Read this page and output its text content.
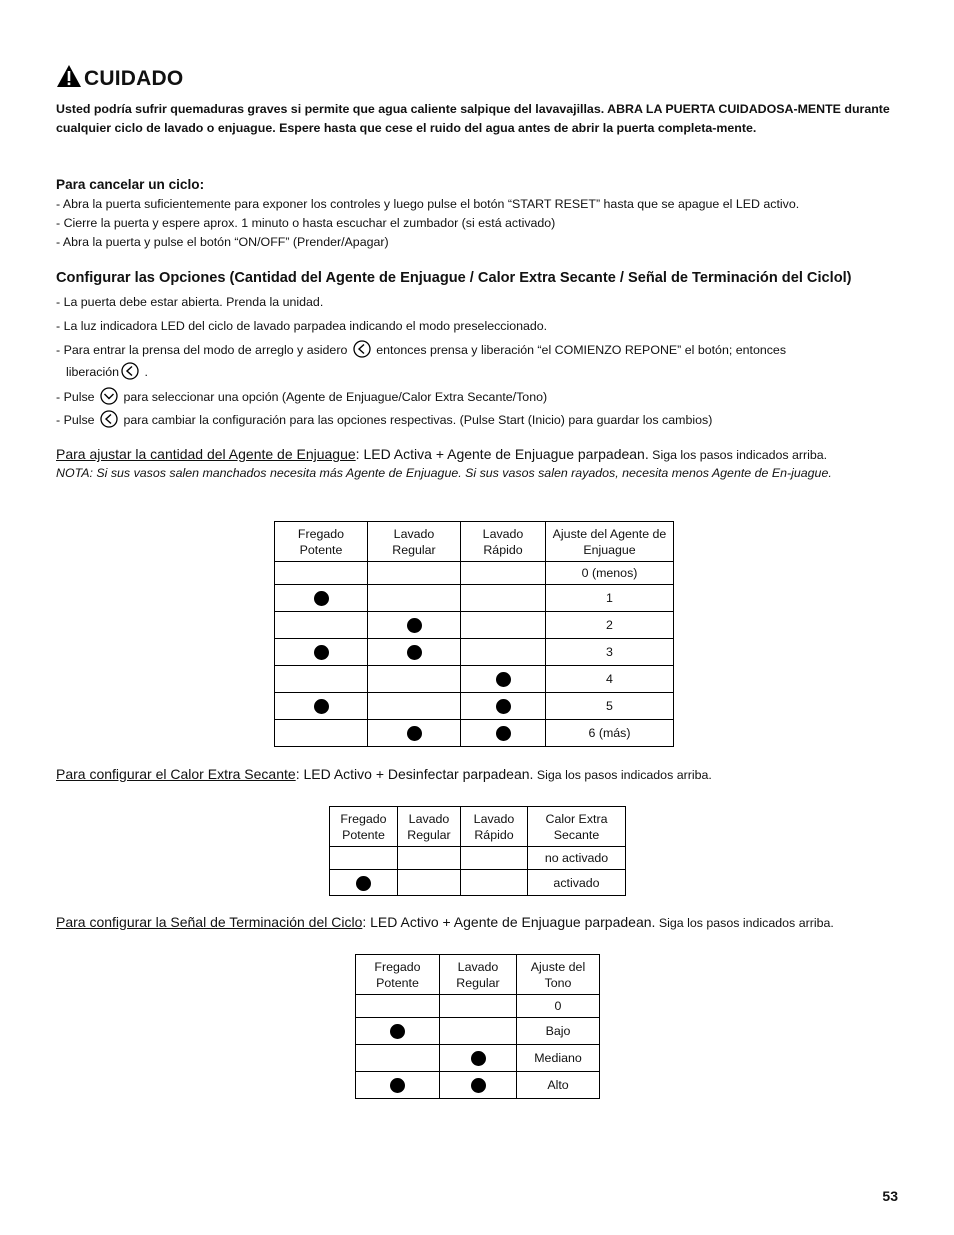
CUIDADO
Usted podría sufrir quemaduras graves si permite que agua caliente salpique del lavavajillas. ABRA LA PUERTA CUIDADOSA-MENTE durante cualquier ciclo de lavado o enjuague. Espere hasta que cese el ruido del agua antes de abrir la puerta completa-mente.
Para cancelar un ciclo:
- Abra la puerta suficientemente para exponer los controles y luego pulse el botón “START RESET” hasta que se apague el LED activo.
- Cierre la puerta y espere aprox. 1 minuto o hasta escuchar el zumbador (si está activado)
- Abra la puerta y pulse el botón “ON/OFF” (Prender/Apagar)
Configurar las Opciones (Cantidad del Agente de Enjuague / Calor Extra Secante / Señal de Terminación del Ciclol)
- La puerta debe estar abierta. Prenda la unidad.
- La luz indicadora LED del ciclo de lavado parpadea indicando el modo preseleccionado.
- Para entrar la prensa del modo de arreglo y asidero entonces prensa y liberación “el COMIENZO REPONE” el botón; entonces
liberación .
- Pulse para seleccionar una opción (Agente de Enjuague/Calor Extra Secante/Tono)
- Pulse para cambiar la configuración para las opciones respectivas. (Pulse Start (Inicio) para guardar los cambios)
Para ajustar la cantidad del Agente de Enjuague: LED Activa + Agente de Enjuague parpadean. Siga los pasos indicados arriba.
NOTA: Si sus vasos salen manchados necesita más Agente de Enjuague. Si sus vasos salen rayados, necesita menos Agente de En-juague.
Fregado Potente	Lavado Regular	Lavado Rápido	Ajuste del Agente de Enjuague
			0 (menos)
			1
			2
			3
			4
			5
			6 (más)
Para configurar el Calor Extra Secante: LED Activo + Desinfectar parpadean. Siga los pasos indicados arriba.
Fregado Potente	Lavado Regular	Lavado Rápido	Calor Extra Secante
			no activado
			activado
Para configurar la Señal de Terminación del Ciclo: LED Activo + Agente de Enjuague parpadean. Siga los pasos indicados arriba.
Fregado Potente	Lavado Regular	Ajuste del Tono
		0
		Bajo
		Mediano
		Alto
53
